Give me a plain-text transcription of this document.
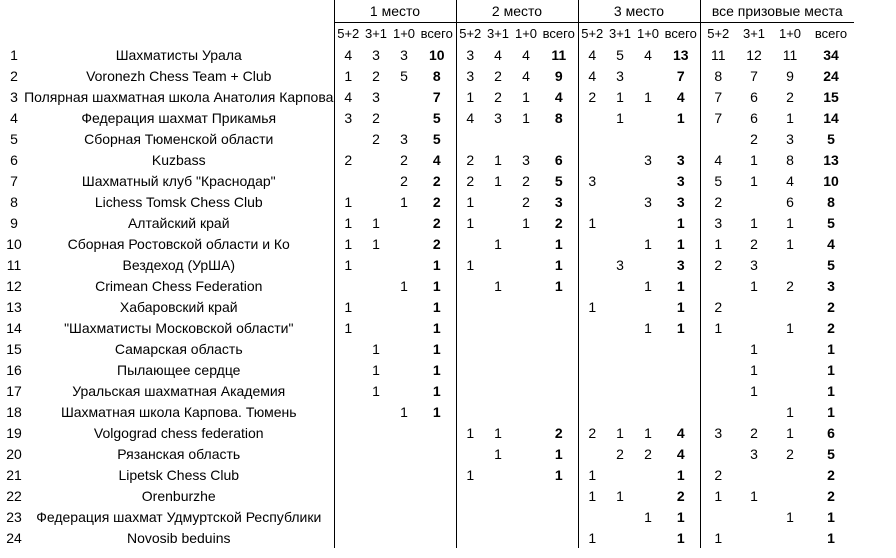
		1 место				2 место				3 место				все призовые места			
		5+2	3+1	1+0	всего	5+2	3+1	1+0	всего	5+2	3+1	1+0	всего	5+2	3+1	1+0	всего
1	Шахматисты Урала	4	3	3	10	3	4	4	11	4	5	4	13	11	12	11	34
2	Voronezh Chess Team + Club	1	2	5	8	3	2	4	9	4	3		7	8	7	9	24
3	Полярная шахматная школа Анатолия Карпова	4	3		7	1	2	1	4	2	1	1	4	7	6	2	15
4	Федерация шахмат Прикамья	3	2		5	4	3	1	8		1		1	7	6	1	14
5	Сборная Тюменской области		2	3	5										2	3	5
6	Kuzbass	2		2	4	2	1	3	6			3	3	4	1	8	13
7	Шахматный клуб "Краснодар"			2	2	2	1	2	5	3			3	5	1	4	10
8	Lichess Tomsk Chess Club	1		1	2	1		2	3			3	3	2		6	8
9	Алтайский край	1	1		2	1		1	2	1			1	3	1	1	5
10	Сборная Ростовской области и Ко	1	1		2		1		1			1	1	1	2	1	4
11	Вездеход (УрША)	1			1	1			1		3		3	2	3		5
12	Crimean Chess Federation			1	1		1		1			1	1		1	2	3
13	Хабаровский край	1			1					1			1	2			2
14	"Шахматисты Московской области"	1			1							1	1	1		1	2
15	Самарская область		1		1										1		1
16	Пылающее сердце		1		1										1		1
17	Уральская шахматная Академия		1		1										1		1
18	Шахматная школа Карпова. Тюмень			1	1											1	1
19	Volgograd chess federation					1	1		2	2	1	1	4	3	2	1	6
20	Рязанская область						1		1		2	2	4		3	2	5
21	Lipetsk Chess Club					1			1	1			1	2			2
22	Orenburzhe									1	1		2	1	1		2
23	Федерация шахмат Удмуртской Республики											1	1			1	1
24	Novosib beduins									1			1	1			1
